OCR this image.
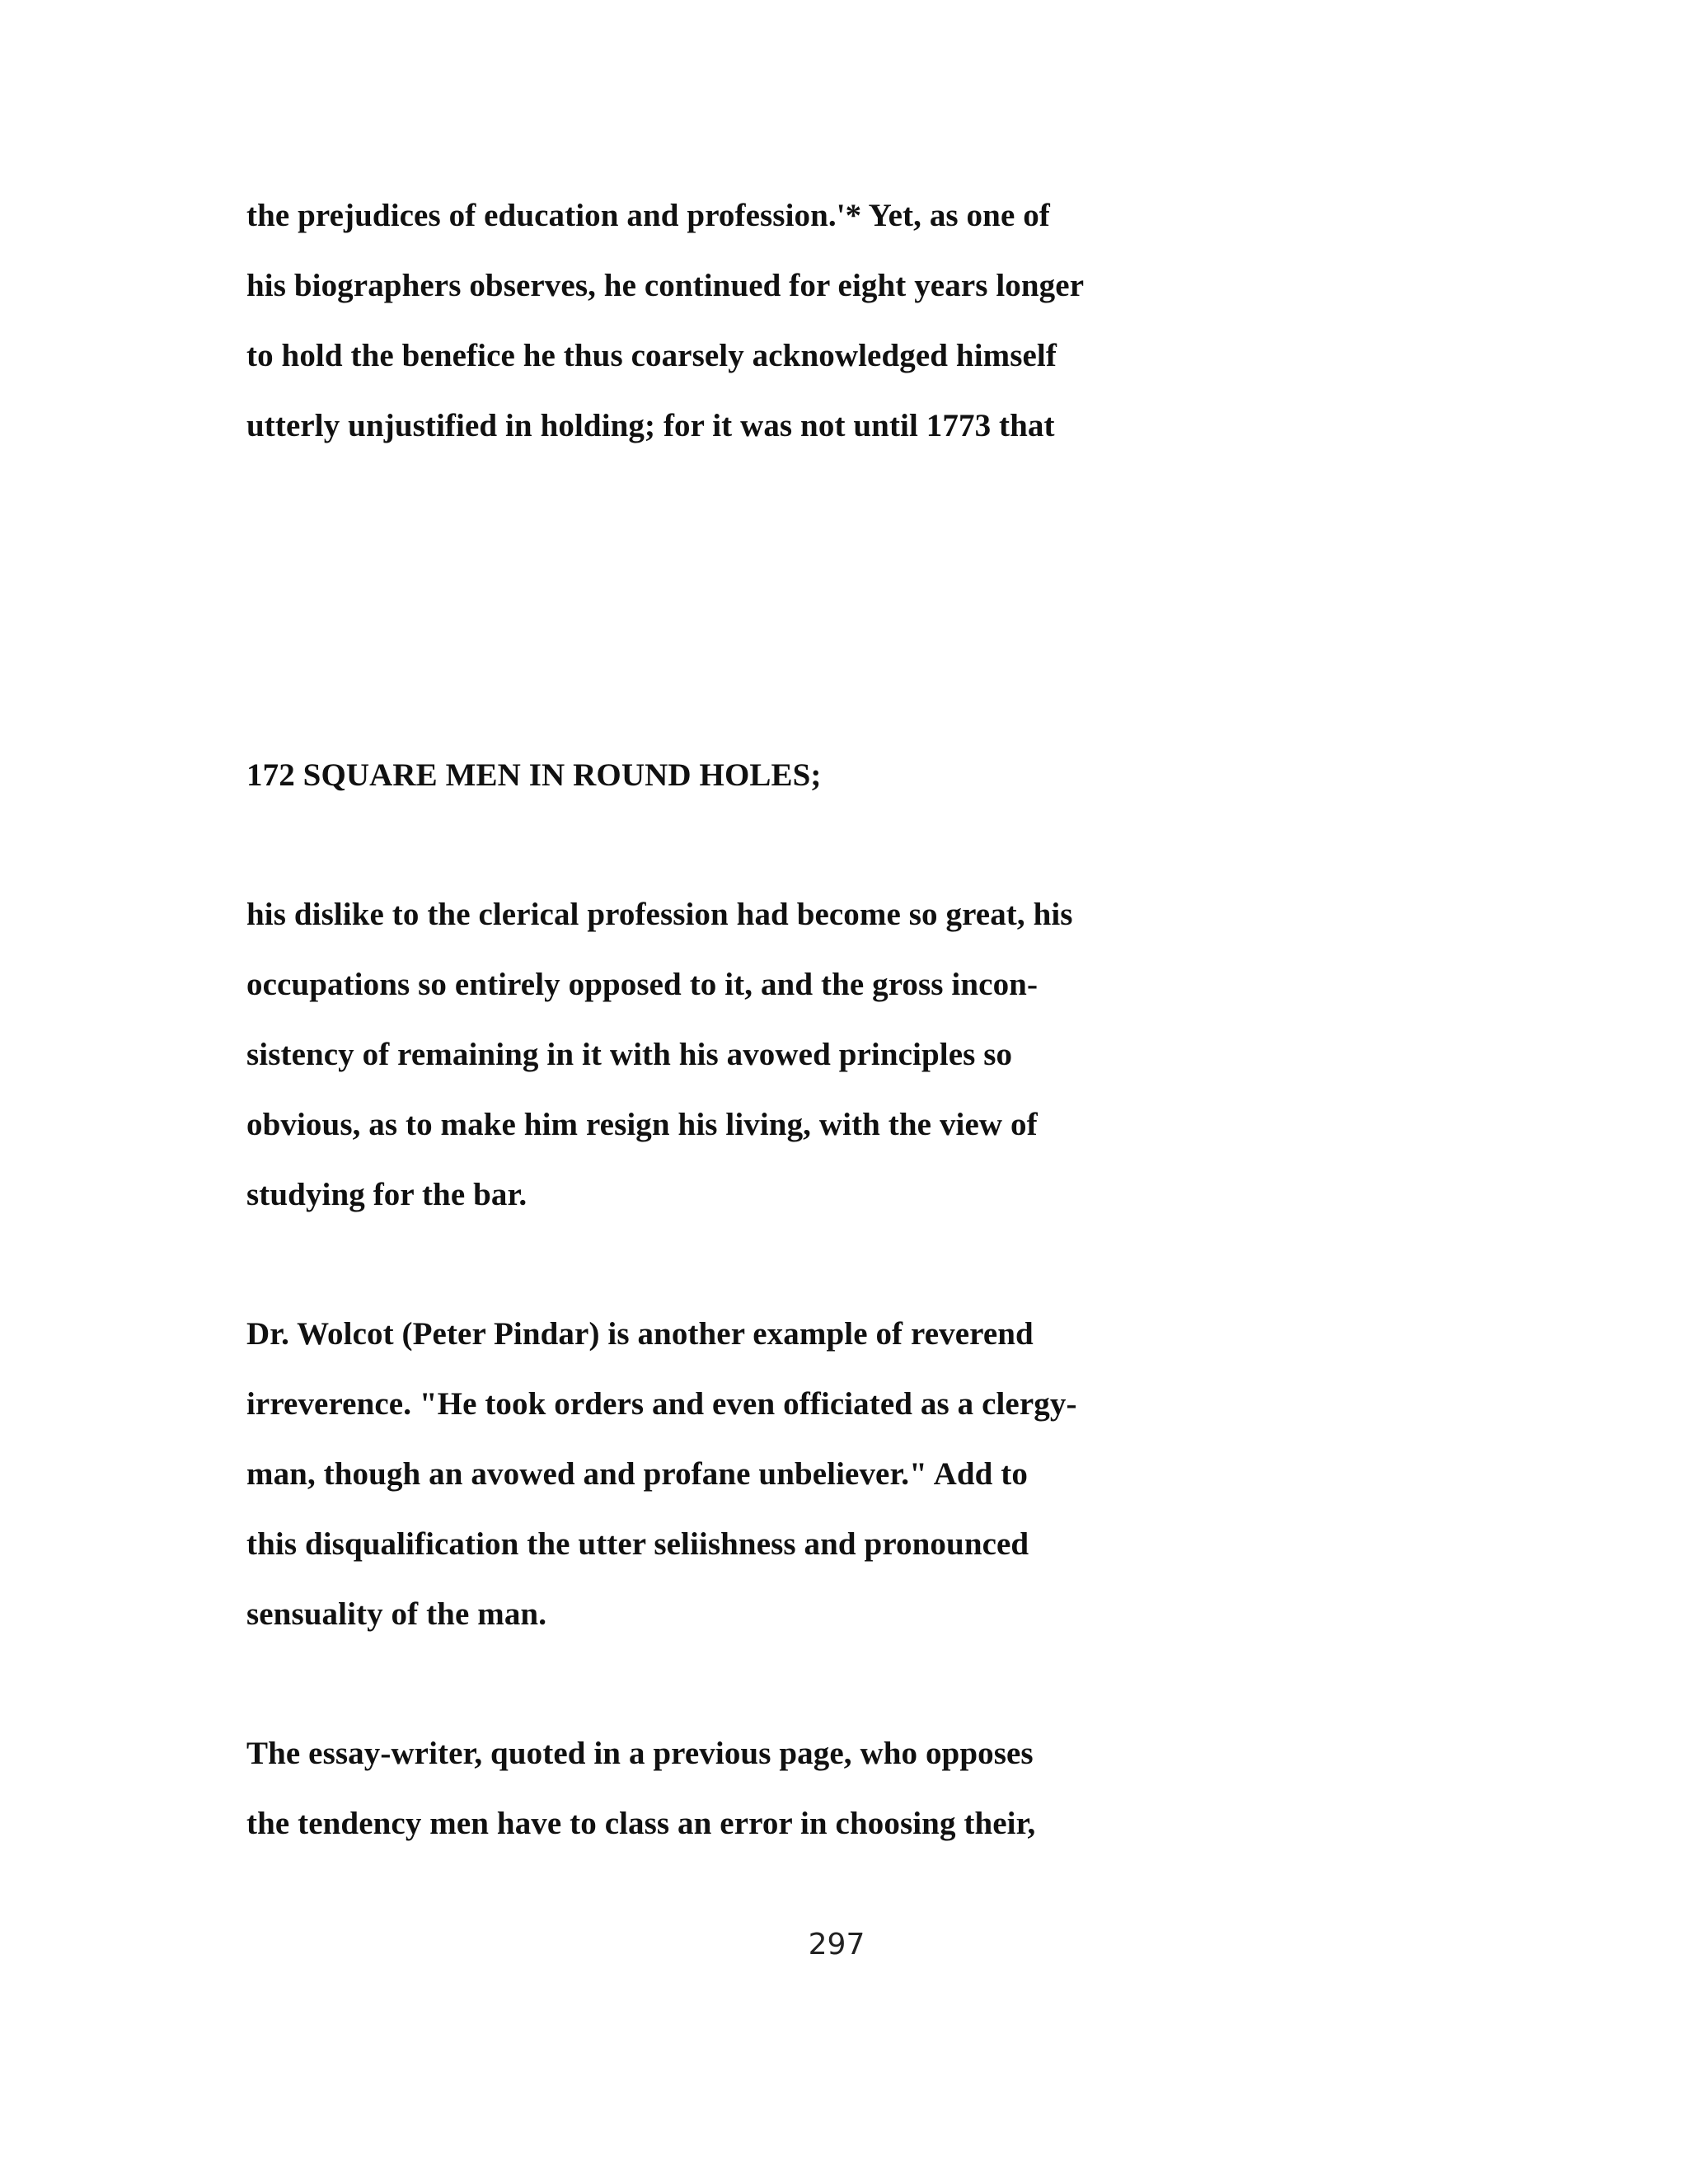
the prejudices of education and profession.'* Yet, as one of

his biographers observes, he continued for eight years longer

to hold the benefice he thus coarsely acknowledged himself

utterly unjustified in holding; for it was not until 1773 that

172 SQUARE MEN IN ROUND HOLES;

his dislike to the clerical profession had become so great, his

occupations so entirely opposed to it, and the gross incon-

sistency of remaining in it with his avowed principles so

obvious, as to make him resign his living, with the view of

studying for the bar.

Dr. Wolcot (Peter Pindar) is another example of reverend

irreverence. "He took orders and even officiated as a clergy-

man, though an avowed and profane unbeliever." Add to

this disqualification the utter seliishness and pronounced

sensuality of the man.

The essay-writer, quoted in a previous page, who opposes

the tendency men have to class an error in choosing their,

297
